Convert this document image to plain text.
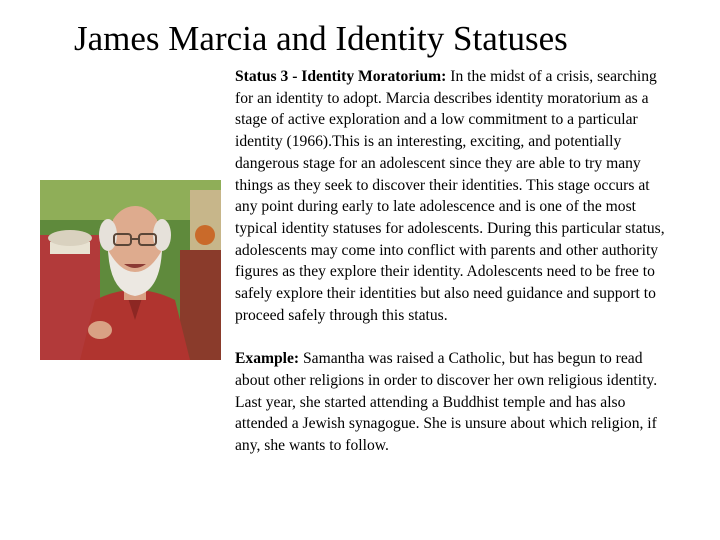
James Marcia and Identity Statuses

Status 3 - Identity Moratorium: In the midst of a crisis, searching for an identity to adopt. Marcia describes identity moratorium as a stage of active exploration and a low commitment to a particular identity (1966).This is an interesting, exciting, and potentially dangerous stage for an adolescent since they are able to try many things as they seek to discover their identities. This stage occurs at any point during early to late adolescence and is one of the most typical identity statuses for adolescents. During this particular status, adolescents may come into conflict with parents and other authority figures as they explore their identity. Adolescents need to be free to safely explore their identities but also need guidance and support to proceed safely through this status.

Example: Samantha was raised a Catholic, but has begun to read about other religions in order to discover her own religious identity. Last year, she started attending a Buddhist temple and has also attended a Jewish synagogue. She is unsure about which religion, if any, she wants to follow.
